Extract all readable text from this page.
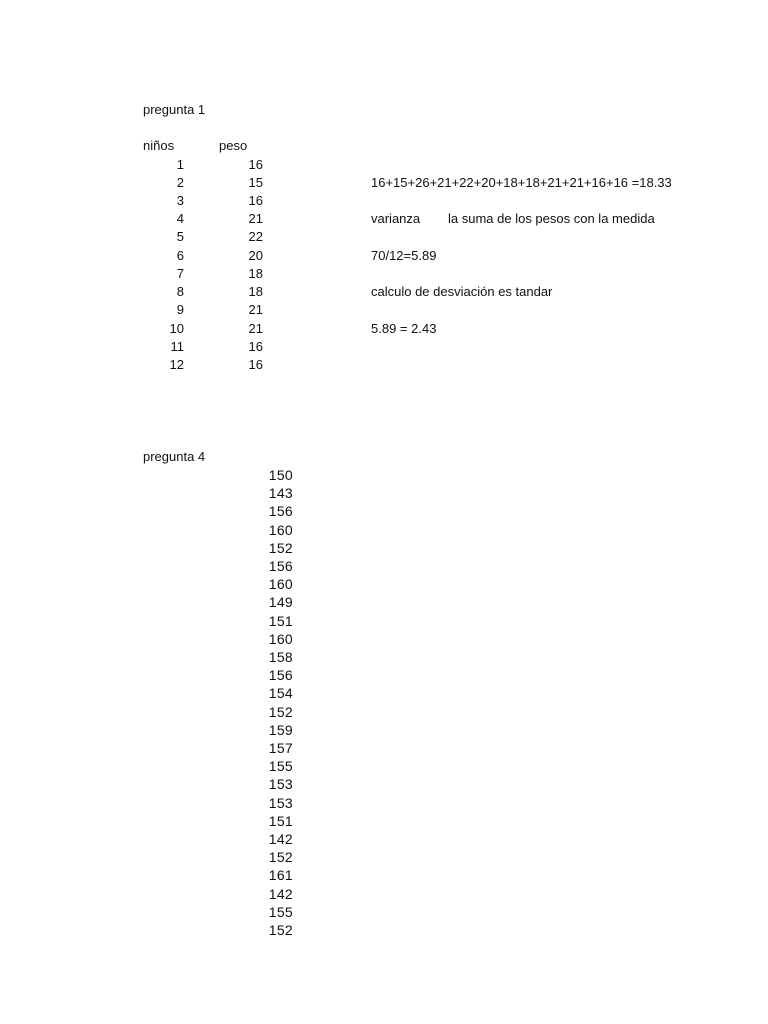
pregunta 1
niños	peso
1	16
2	15
3	16
4	21
5	22
6	20
7	18
8	18
9	21
10	21
11	16
12	16
16+15+26+21+22+20+18+18+21+21+16+16 =18.33
varianza la suma de los pesos con la medida
70/12=5.89
calculo de desviación es tandar
5.89 = 2.43
pregunta 4
150
143
156
160
152
156
160
149
151
160
158
156
154
152
159
157
155
153
153
151
142
152
161
142
155
152
